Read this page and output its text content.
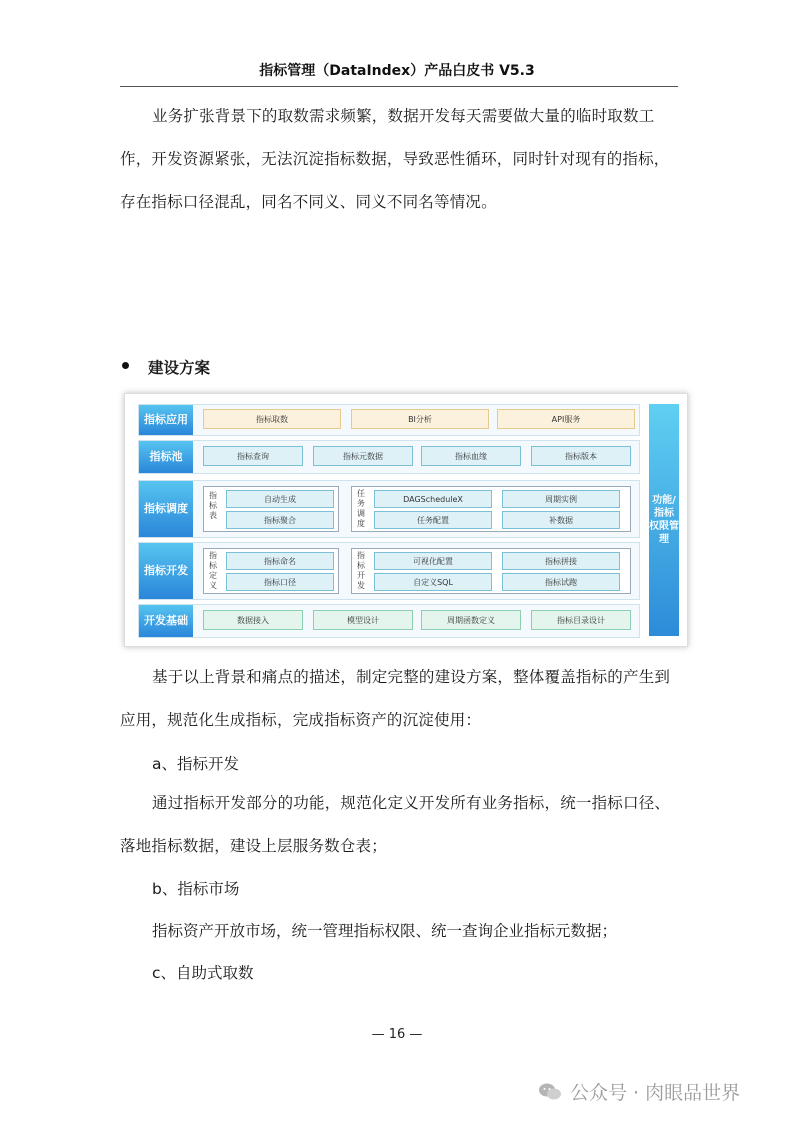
指标管理（DataIndex）产品白皮书 V5.3
业务扩张背景下的取数需求频繁，数据开发每天需要做大量的临时取数工作，开发资源紧张，无法沉淀指标数据，导致恶性循环，同时针对现有的指标，存在指标口径混乱，同名不同义、同义不同名等情况。
建设方案
指标应用	指标取数	BI分析	API服务
指标池	指标查询	指标元数据	指标血缘	指标版本
指标调度
指标表
自动生成
指标聚合
任务调度
DAGScheduleX	周期实例
任务配置	补数据
指标开发
指标定义
指标命名
指标口径
指标开发
可视化配置	指标拼接
自定义SQL	指标试跑
开发基础	数据接入	模型设计	周期函数定义	指标目录设计
功能/指标 权限管理
基于以上背景和痛点的描述，制定完整的建设方案，整体覆盖指标的产生到应用，规范化生成指标，完成指标资产的沉淀使用：
a、指标开发
通过指标开发部分的功能，规范化定义开发所有业务指标，统一指标口径、落地指标数据，建设上层服务数仓表；
b、指标市场
指标资产开放市场，统一管理指标权限、统一查询企业指标元数据；
c、自助式取数
— 16 —
公众号 · 肉眼品世界
